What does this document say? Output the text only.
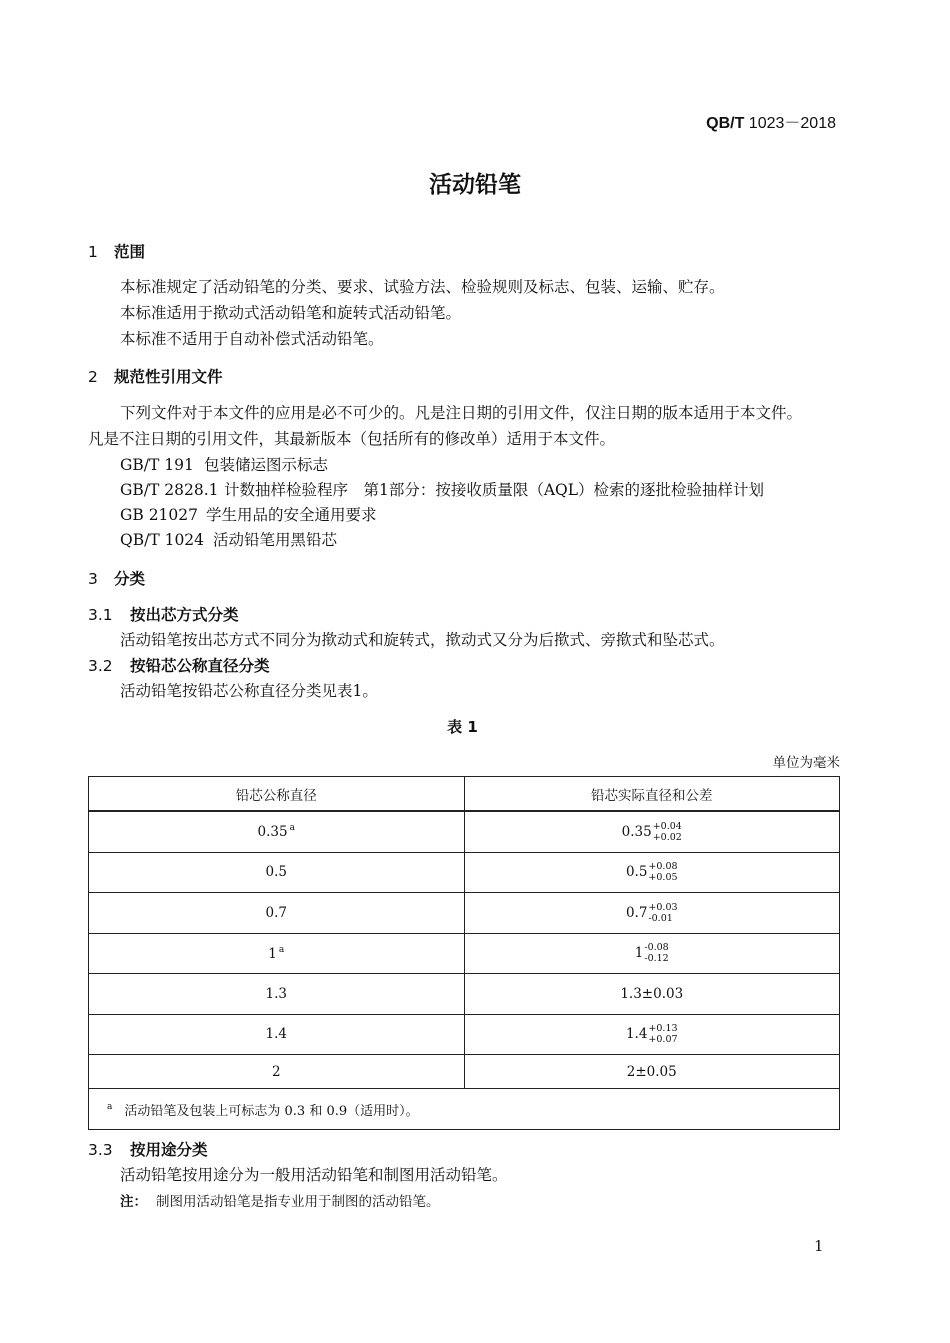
QB/T 1023－2018
活动铅笔
1 范围
本标准规定了活动铅笔的分类、要求、试验方法、检验规则及标志、包装、运输、贮存。
本标准适用于揿动式活动铅笔和旋转式活动铅笔。
本标准不适用于自动补偿式活动铅笔。
2 规范性引用文件
下列文件对于本文件的应用是必不可少的。凡是注日期的引用文件，仅注日期的版本适用于本文件。
凡是不注日期的引用文件，其最新版本（包括所有的修改单）适用于本文件。
GB/T 191 包装储运图示标志
GB/T 2828.1 计数抽样检验程序　第1部分：按接收质量限（AQL）检索的逐批检验抽样计划
GB 21027 学生用品的安全通用要求
QB/T 1024 活动铅笔用黑铅芯
3 分类
3.1 按出芯方式分类
活动铅笔按出芯方式不同分为揿动式和旋转式，揿动式又分为后揿式、旁揿式和坠芯式。
3.2 按铅芯公称直径分类
活动铅笔按铅芯公称直径分类见表1。
表 1
单位为毫米
铅芯公称直径	铅芯实际直径和公差
0.35 $^a$	0.35 +0.04
+0.02

0.5	0.5 +0.08
+0.05

0.7	0.7 +0.03
-0.01

1 $^a$	1 -0.08
-0.12

1.3	1.3±0.03
1.4	1.4 +0.13
+0.07

2	2±0.05
$^a$ 活动铅笔及包装上可标志为 0.3 和 0.9（适用时）。	
3.3 按用途分类
活动铅笔按用途分为一般用活动铅笔和制图用活动铅笔。
注： 制图用活动铅笔是指专业用于制图的活动铅笔。
1
